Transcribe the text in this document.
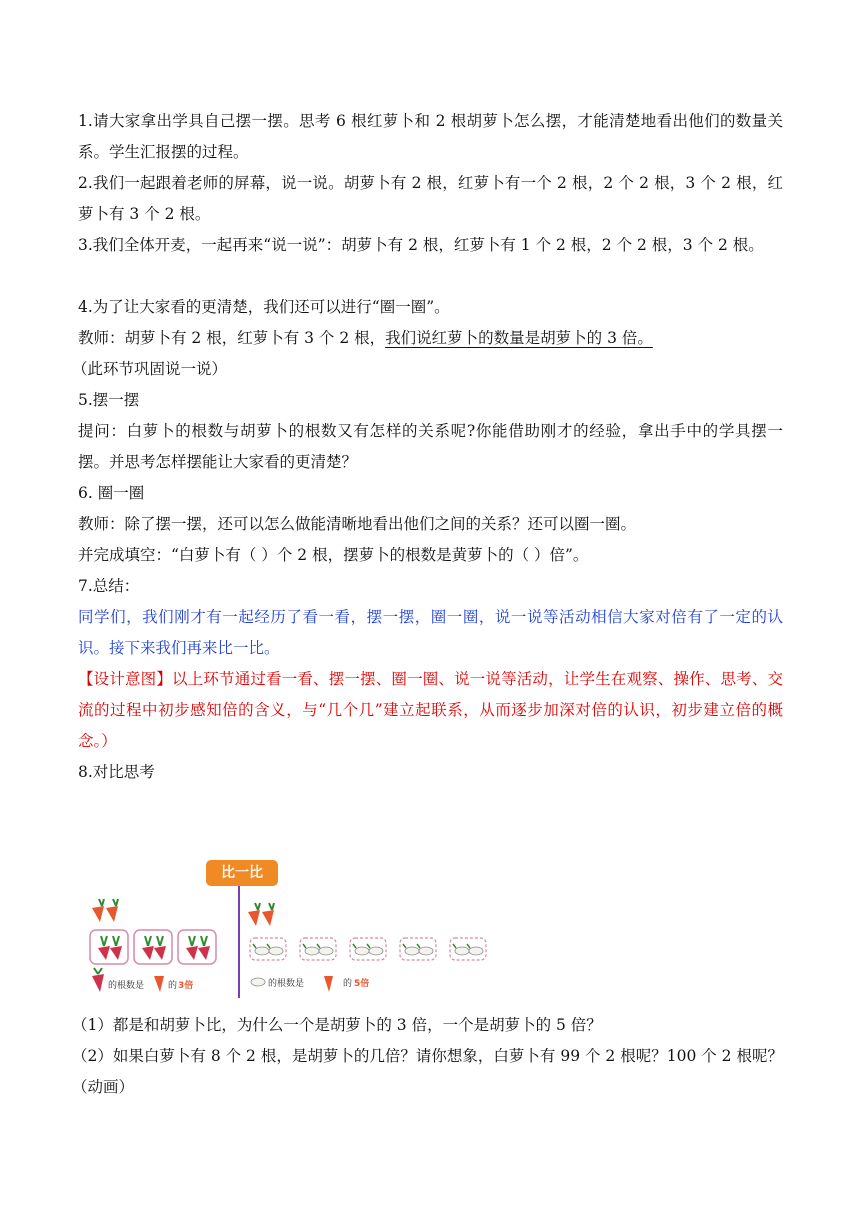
1.请大家拿出学具自己摆一摆。思考 6 根红萝卜和 2 根胡萝卜怎么摆，才能清楚地看出他们的数量关系。学生汇报摆的过程。

2.我们一起跟着老师的屏幕，说一说。胡萝卜有 2 根，红萝卜有一个 2 根，2 个 2 根，3 个 2 根，红萝卜有 3 个 2 根。

3.我们全体开麦，一起再来“说一说”：胡萝卜有 2 根，红萝卜有 1 个 2 根，2 个 2 根，3 个 2 根。

4.为了让大家看的更清楚，我们还可以进行“圈一圈”。

教师：胡萝卜有 2 根，红萝卜有 3 个 2 根，我们说红萝卜的数量是胡萝卜的 3 倍。

（此环节巩固说一说）

5.摆一摆

提问：白萝卜的根数与胡萝卜的根数又有怎样的关系呢?你能借助刚才的经验，拿出手中的学具摆一摆。并思考怎样摆能让大家看的更清楚？

6. 圈一圈

教师：除了摆一摆，还可以怎么做能清晰地看出他们之间的关系？还可以圈一圈。

并完成填空：“白萝卜有（ ）个 2 根，摆萝卜的根数是黄萝卜的（ ）倍”。

7.总结：

同学们，我们刚才有一起经历了看一看，摆一摆，圈一圈，说一说等活动相信大家对倍有了一定的认识。接下来我们再来比一比。

【设计意图】以上环节通过看一看、摆一摆、圈一圈、说一说等活动，让学生在观察、操作、思考、交流的过程中初步感知倍的含义，与“几个几”建立起联系，从而逐步加深对倍的认识，初步建立倍的概念。）

8.对比思考

比一比
的根数是	的 3倍	的根数是	的 5倍

（1）都是和胡萝卜比，为什么一个是胡萝卜的 3 倍，一个是胡萝卜的 5 倍？

（2）如果白萝卜有 8 个 2 根，是胡萝卜的几倍？请你想象，白萝卜有 99 个 2 根呢？100 个 2 根呢？（动画）
